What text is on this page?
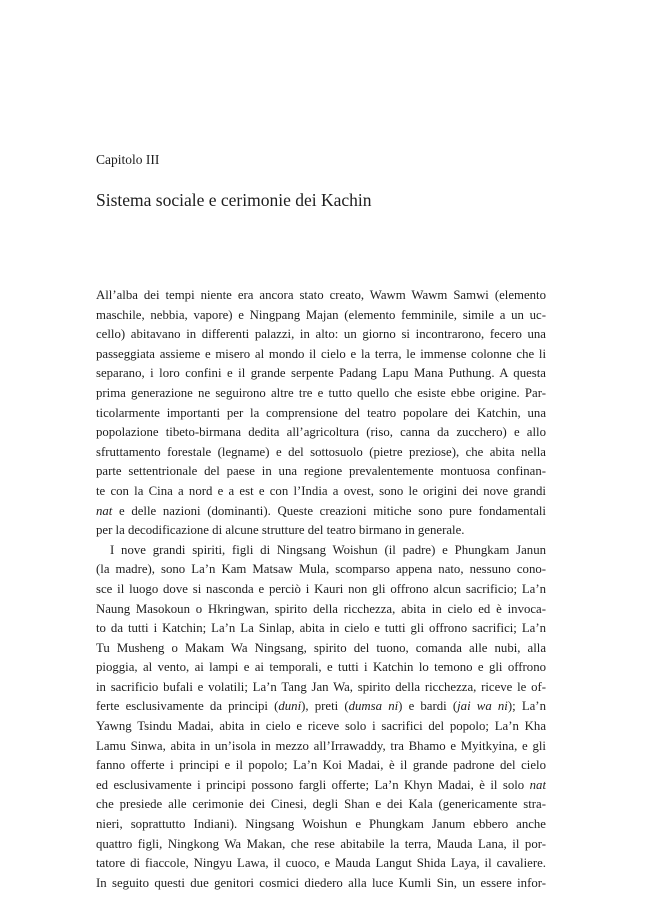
Capitolo III
Sistema sociale e cerimonie dei Kachin
All’alba dei tempi niente era ancora stato creato, Wawm Wawm Samwi (elemento
maschile, nebbia, vapore) e Ningpang Majan (elemento femminile, simile a un uc-
cello) abitavano in differenti palazzi, in alto: un giorno si incontrarono, fecero una
passeggiata assieme e misero al mondo il cielo e la terra, le immense colonne che li
separano, i loro confini e il grande serpente Padang Lapu Mana Puthung. A questa
prima generazione ne seguirono altre tre e tutto quello che esiste ebbe origine. Par-
ticolarmente importanti per la comprensione del teatro popolare dei Katchin, una
popolazione tibeto-birmana dedita all’agricoltura (riso, canna da zucchero) e allo
sfruttamento forestale (legname) e del sottosuolo (pietre preziose), che abita nella
parte settentrionale del paese in una regione prevalentemente montuosa confinan-
te con la Cina a nord e a est e con l’India a ovest, sono le origini dei nove grandi
nat e delle nazioni (dominanti). Queste creazioni mitiche sono pure fondamentali
per la decodificazione di alcune strutture del teatro birmano in generale.
I nove grandi spiriti, figli di Ningsang Woishun (il padre) e Phungkam Janun
(la madre), sono La’n Kam Matsaw Mula, scomparso appena nato, nessuno cono-
sce il luogo dove si nasconda e perciò i Kauri non gli offrono alcun sacrificio; La’n
Naung Masokoun o Hkringwan, spirito della ricchezza, abita in cielo ed è invoca-
to da tutti i Katchin; La’n La Sinlap, abita in cielo e tutti gli offrono sacrifici; La’n
Tu Musheng o Makam Wa Ningsang, spirito del tuono, comanda alle nubi, alla
pioggia, al vento, ai lampi e ai temporali, e tutti i Katchin lo temono e gli offrono
in sacrificio bufali e volatili; La’n Tang Jan Wa, spirito della ricchezza, riceve le of-
ferte esclusivamente da principi (duni), preti (dumsa ni) e bardi (jai wa ni); La’n
Yawng Tsindu Madai, abita in cielo e riceve solo i sacrifici del popolo; La’n Kha
Lamu Sinwa, abita in un’isola in mezzo all’Irrawaddy, tra Bhamo e Myitkyina, e gli
fanno offerte i principi e il popolo; La’n Koi Madai, è il grande padrone del cielo
ed esclusivamente i principi possono fargli offerte; La’n Khyn Madai, è il solo nat
che presiede alle cerimonie dei Cinesi, degli Shan e dei Kala (genericamente stra-
nieri, soprattutto Indiani). Ningsang Woishun e Phungkam Janum ebbero anche
quattro figli, Ningkong Wa Makan, che rese abitabile la terra, Mauda Lana, il por-
tatore di fiaccole, Ningyu Lawa, il cuoco, e Mauda Langut Shida Laya, il cavaliere.
In seguito questi due genitori cosmici diedero alla luce Kumli Sin, un essere infor-
